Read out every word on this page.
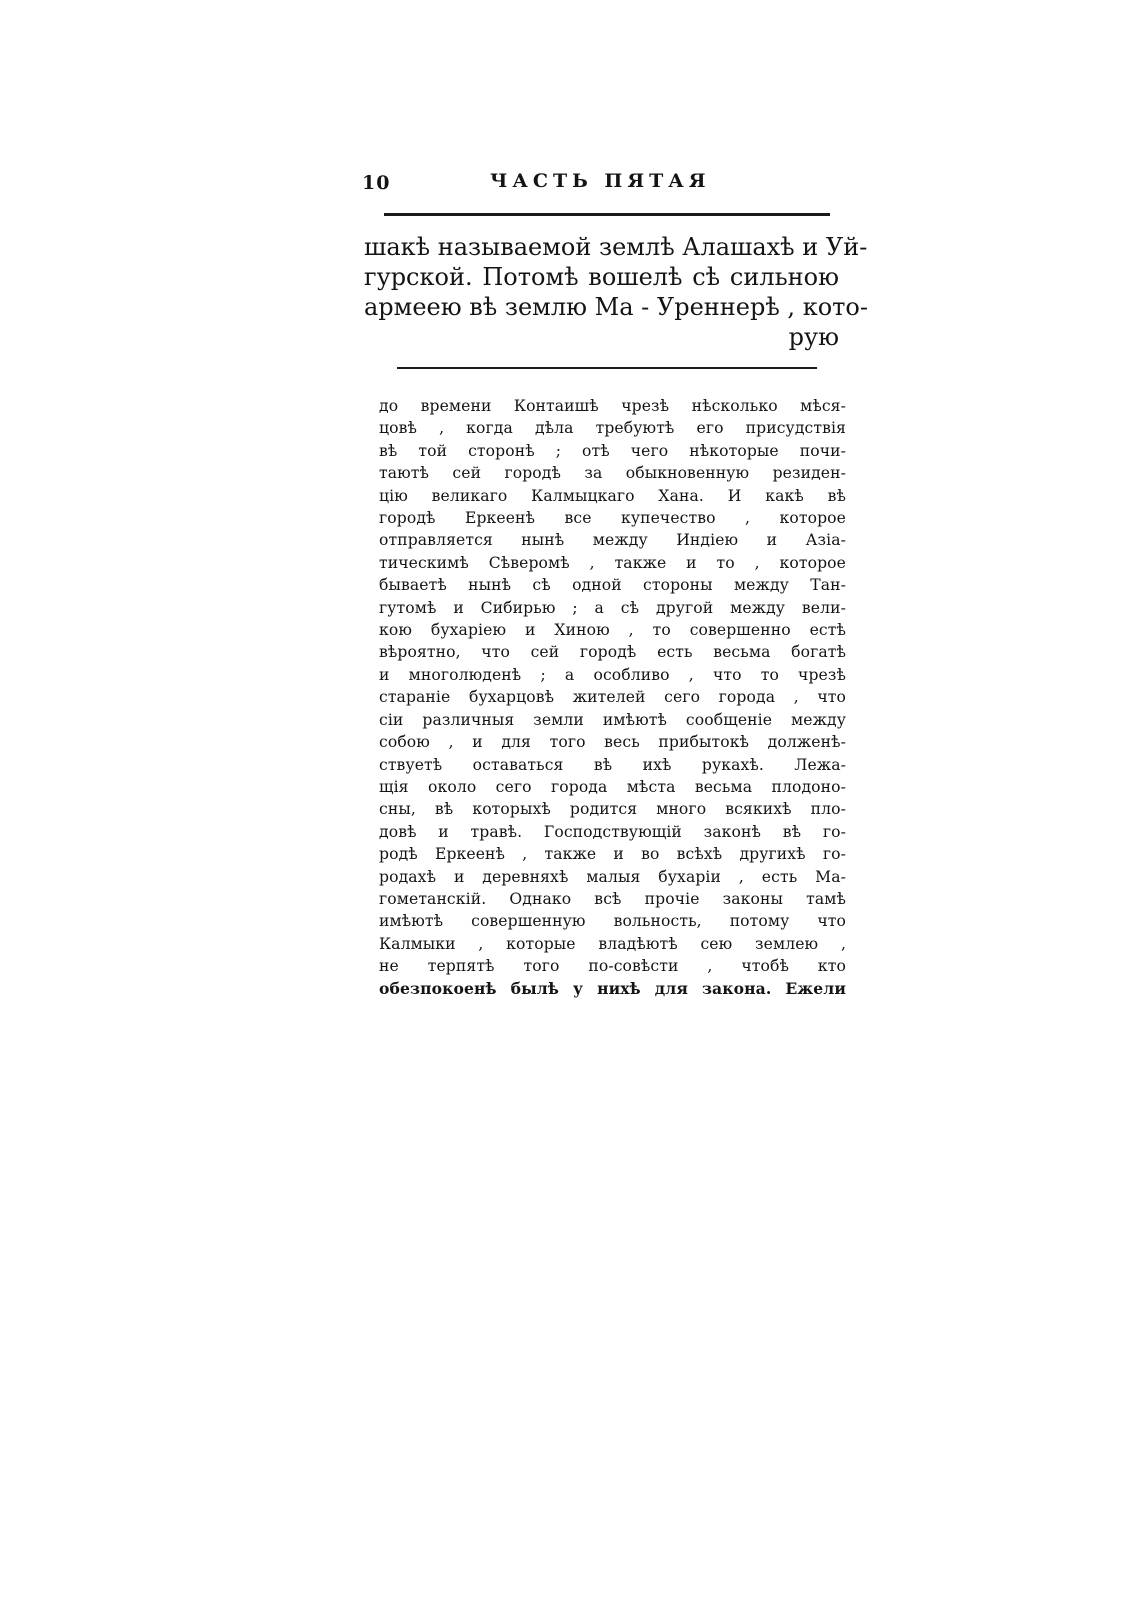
10	ЧАСТЬ ПЯТАЯ
шакѣ называемой землѣ Алашахѣ и Уй-
гурской. Потомѣ вошелѣ сѣ сильною
армеею вѣ землю Ма - Уреннерѣ , кото-
рую
до времени Контаишѣ чрезѣ нѣсколько мѣся-
цовѣ , когда дѣла требуютѣ его присудствія
вѣ той сторонѣ ; отѣ чего нѣкоторые почи-
таютѣ сей городѣ за обыкновенную резиден-
цію великаго Калмыцкаго Хана. И какѣ вѣ
городѣ Еркеенѣ все купечество , которое
отправляется нынѣ между Индіею и Азіа-
тическимѣ Сѣверомѣ , также и то , которое
бываетѣ нынѣ сѣ одной стороны между Тан-
гутомѣ и Сибирью ; а сѣ другой между вели-
кою бухаріею и Хиною , то совершенно естѣ
вѣроятно, что сей городѣ есть весьма богатѣ
и многолюденѣ ; а особливо , что то чрезѣ
стараніе бухарцовѣ жителей сего города , что
сіи различныя земли имѣютѣ сообщеніе между
собою , и для того весь прибытокѣ долженѣ-
ствуетѣ оставаться вѣ ихѣ рукахѣ. Лежа-
щія около сего города мѣста весьма плодоно-
сны, вѣ которыхѣ родится много всякихѣ пло-
довѣ и травѣ. Господствующій законѣ вѣ го-
родѣ Еркеенѣ , также и во всѣхѣ другихѣ го-
родахѣ и деревняхѣ малыя бухаріи , есть Ма-
гометанскій. Однако всѣ прочіе законы тамѣ
имѣютѣ совершенную вольность, потому что
Калмыки , которые владѣютѣ сею землею ,
не терпятѣ того по-совѣсти , чтобѣ кто
обезпокоенѣ былѣ у нихѣ для закона. Ежели
